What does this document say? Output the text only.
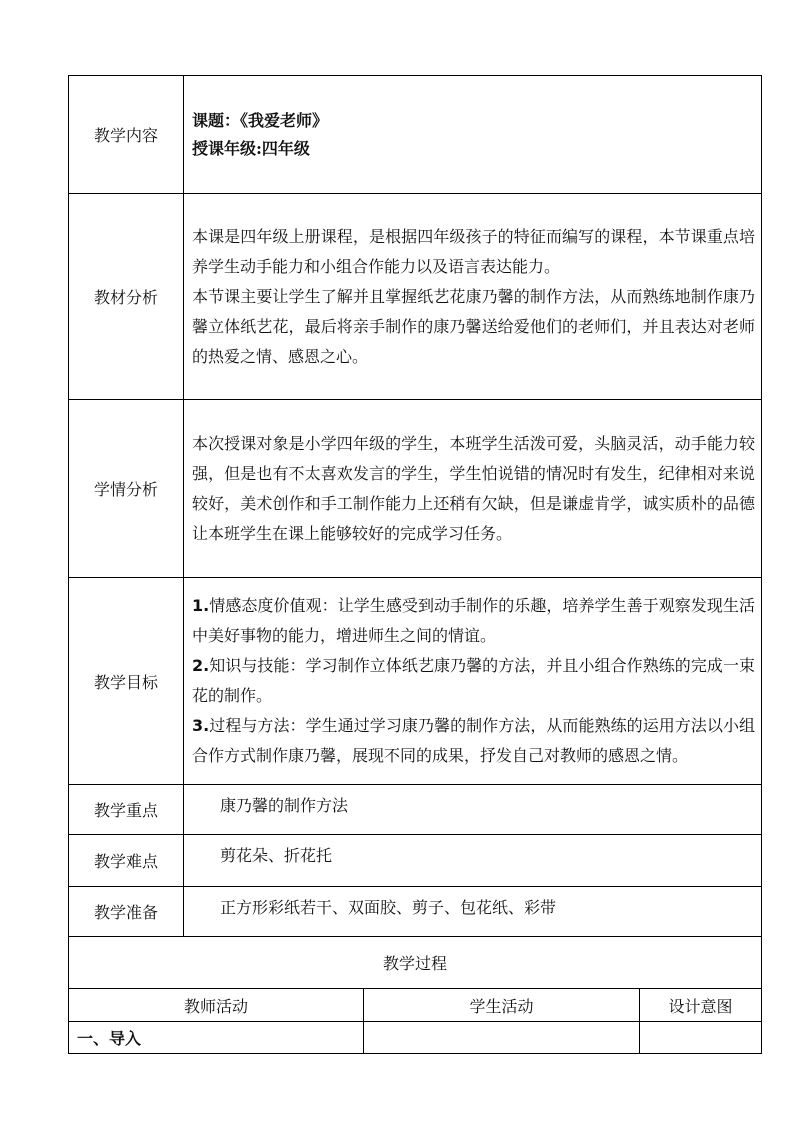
教学内容	课题：《我爱老师》
授课年级:四年级		

教材分析	本课是四年级上册课程，是根据四年级孩子的特征而编写的课程，本节课重点培养学生动手能力和小组合作能力以及语言表达能力。

本节课主要让学生了解并且掌握纸艺花康乃馨的制作方法，从而熟练地制作康乃馨立体纸艺花，最后将亲手制作的康乃馨送给爱他们的老师们，并且表达对老师的热爱之情、感恩之心。		

学情分析	本次授课对象是小学四年级的学生，本班学生活泼可爱，头脑灵活，动手能力较强，但是也有不太喜欢发言的学生，学生怕说错的情况时有发生，纪律相对来说较好，美术创作和手工制作能力上还稍有欠缺，但是谦虚肯学，诚实质朴的品德让本班学生在课上能够较好的完成学习任务。		

教学目标	1.情感态度价值观：让学生感受到动手制作的乐趣，培养学生善于观察发现生活中美好事物的能力，增进师生之间的情谊。

2.知识与技能：学习制作立体纸艺康乃馨的方法，并且小组合作熟练的完成一束花的制作。

3.过程与方法：学生通过学习康乃馨的制作方法，从而能熟练的运用方法以小组合作方式制作康乃馨，展现不同的成果，抒发自己对教师的感恩之情。		

教学重点	康乃馨的制作方法		
教学难点	剪花朵、折花托		
教学准备	正方形彩纸若干、双面胶、剪子、包花纸、彩带		
教学过程			
教师活动		学生活动	设计意图
一、导入			
